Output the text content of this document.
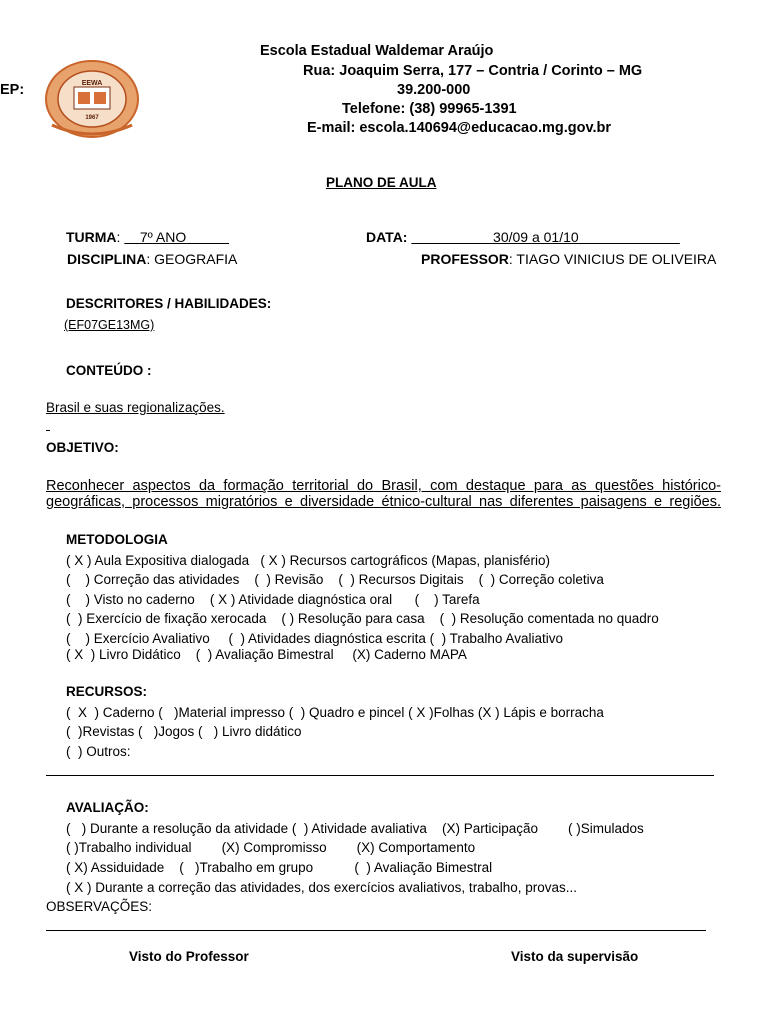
EP:	EEWA
1967
Escola Estadual Waldemar Araújo
Rua: Joaquim Serra, 177 – Contria / Corinto – MG
39.200-000
Telefone: (38) 99965-1391
E-mail: escola.140694@educacao.mg.gov.br
PLANO DE AULA
TURMA:     7º ANO	DATA:	30/09 a 01/10
DISCIPLINA: GEOGRAFIA	PROFESSOR: TIAGO VINICIUS DE OLIVEIRA
DESCRITORES / HABILIDADES:
(EF07GE13MG)
CONTEÚDO :
Brasil e suas regionalizações.
OBJETIVO:
Reconhecer aspectos da formação territorial do Brasil, com destaque para as questões histórico-geográficas, processos migratórios e diversidade étnico-cultural nas diferentes paisagens e regiões.
METODOLOGIA
( X ) Aula Expositiva dialogada   ( X ) Recursos cartográficos (Mapas, planisfério)
(    ) Correção das atividades    (  ) Revisão    (  ) Recursos Digitais    (  ) Correção coletiva
(    ) Visto no caderno    ( X ) Atividade diagnóstica oral      (    ) Tarefa
(  ) Exercício de fixação xerocada    ( ) Resolução para casa    (  ) Resolução comentada no quadro
(    ) Exercício Avaliativo     (  ) Atividades diagnóstica escrita (  ) Trabalho Avaliativo
( X  ) Livro Didático    (  ) Avaliação Bimestral     (X) Caderno MAPA
RECURSOS:
(  X  ) Caderno (   )Material impresso (  ) Quadro e pincel ( X )Folhas (X ) Lápis e borracha
(  )Revistas (   )Jogos (   ) Livro didático
(  ) Outros:
AVALIAÇÃO:
(   ) Durante a resolução da atividade (  ) Atividade avaliativa    (X) Participação        ( )Simulados
( )Trabalho individual        (X) Compromisso        (X) Comportamento
( X) Assiduidade    (   )Trabalho em grupo           (  ) Avaliação Bimestral
( X ) Durante a correção das atividades, dos exercícios avaliativos, trabalho, provas...
OBSERVAÇÕES:
Visto do Professor	Visto da supervisão
